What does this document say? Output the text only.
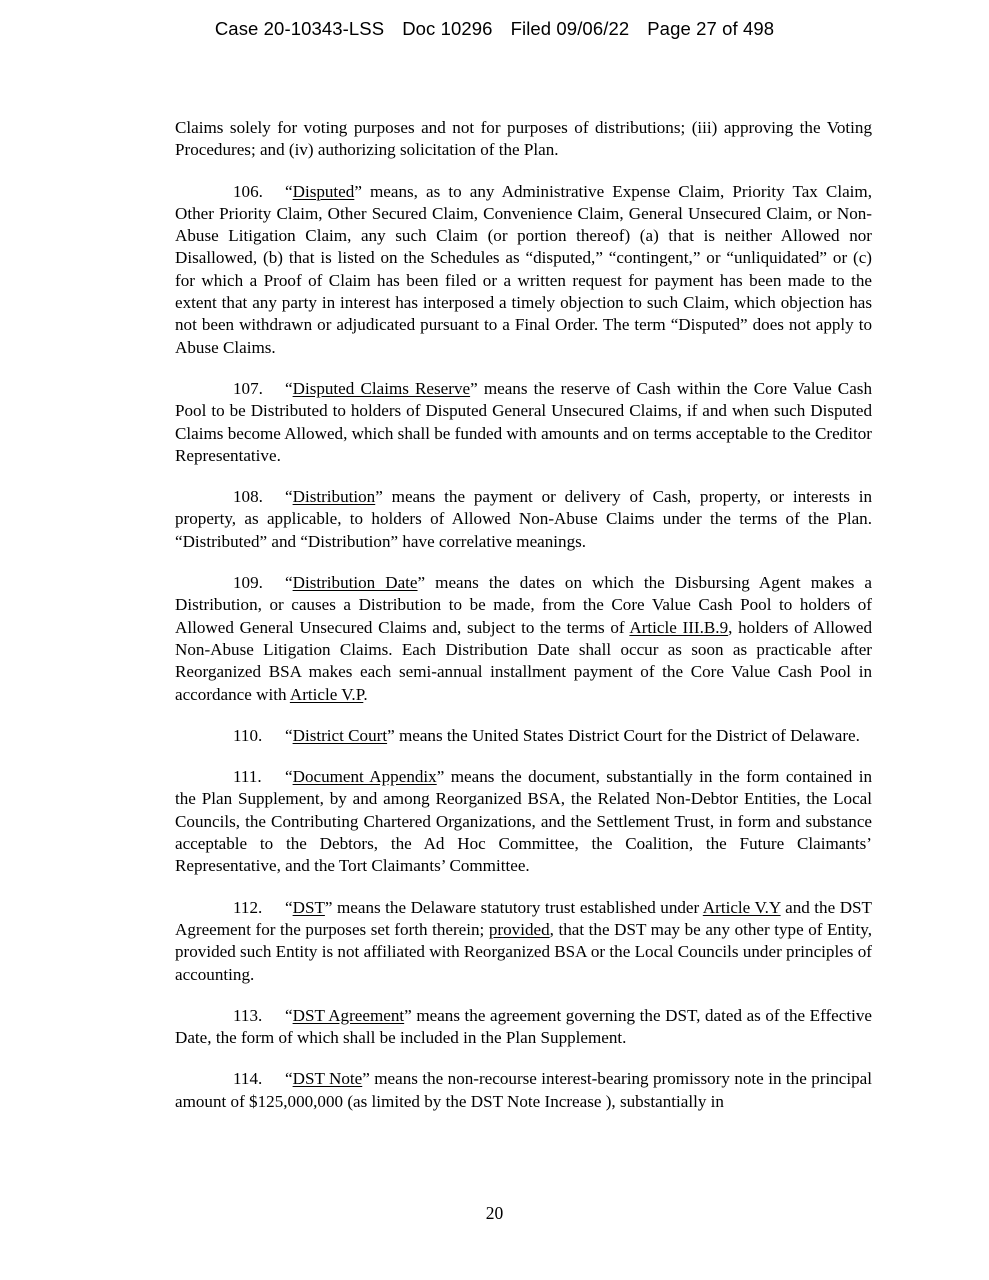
Case 20-10343-LSS Doc 10296 Filed 09/06/22 Page 27 of 498

Claims solely for voting purposes and not for purposes of distributions; (iii) approving the Voting Procedures; and (iv) authorizing solicitation of the Plan.

106. “Disputed” means, as to any Administrative Expense Claim, Priority Tax Claim, Other Priority Claim, Other Secured Claim, Convenience Claim, General Unsecured Claim, or Non-Abuse Litigation Claim, any such Claim (or portion thereof) (a) that is neither Allowed nor Disallowed, (b) that is listed on the Schedules as “disputed,” “contingent,” or “unliquidated” or (c) for which a Proof of Claim has been filed or a written request for payment has been made to the extent that any party in interest has interposed a timely objection to such Claim, which objection has not been withdrawn or adjudicated pursuant to a Final Order. The term “Disputed” does not apply to Abuse Claims.

107. “Disputed Claims Reserve” means the reserve of Cash within the Core Value Cash Pool to be Distributed to holders of Disputed General Unsecured Claims, if and when such Disputed Claims become Allowed, which shall be funded with amounts and on terms acceptable to the Creditor Representative.

108. “Distribution” means the payment or delivery of Cash, property, or interests in property, as applicable, to holders of Allowed Non-Abuse Claims under the terms of the Plan. “Distributed” and “Distribution” have correlative meanings.

109. “Distribution Date” means the dates on which the Disbursing Agent makes a Distribution, or causes a Distribution to be made, from the Core Value Cash Pool to holders of Allowed General Unsecured Claims and, subject to the terms of Article III.B.9, holders of Allowed Non-Abuse Litigation Claims. Each Distribution Date shall occur as soon as practicable after Reorganized BSA makes each semi-annual installment payment of the Core Value Cash Pool in accordance with Article V.P.

110. “District Court” means the United States District Court for the District of Delaware.

111. “Document Appendix” means the document, substantially in the form contained in the Plan Supplement, by and among Reorganized BSA, the Related Non-Debtor Entities, the Local Councils, the Contributing Chartered Organizations, and the Settlement Trust, in form and substance acceptable to the Debtors, the Ad Hoc Committee, the Coalition, the Future Claimants’ Representative, and the Tort Claimants’ Committee.

112. “DST” means the Delaware statutory trust established under Article V.Y and the DST Agreement for the purposes set forth therein; provided, that the DST may be any other type of Entity, provided such Entity is not affiliated with Reorganized BSA or the Local Councils under principles of accounting.

113. “DST Agreement” means the agreement governing the DST, dated as of the Effective Date, the form of which shall be included in the Plan Supplement.

114. “DST Note” means the non-recourse interest-bearing promissory note in the principal amount of $125,000,000 (as limited by the DST Note Increase ), substantially in

20
